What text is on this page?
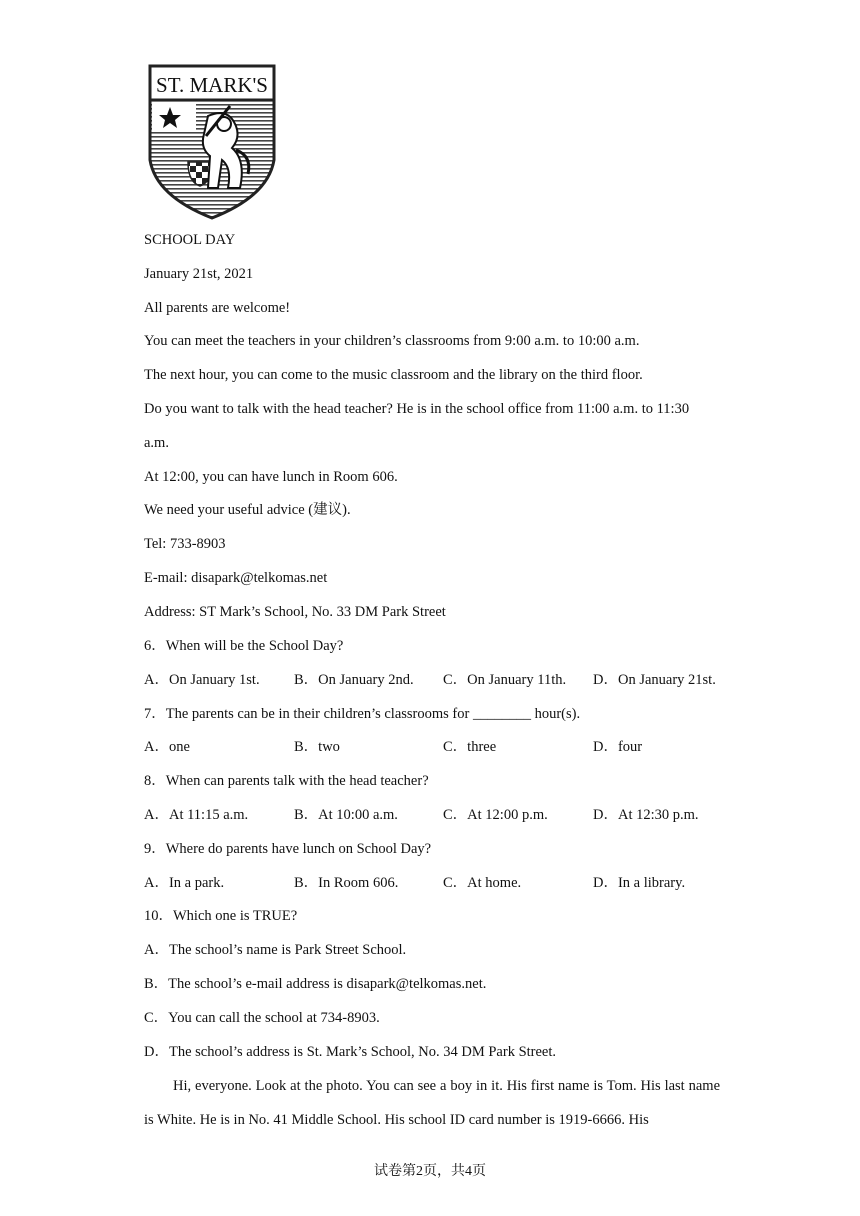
ST. MARK'S
SCHOOL DAY
January 21st, 2021
All parents are welcome!
You can meet the teachers in your children’s classrooms from 9:00 a.m. to 10:00 a.m.
The next hour, you can come to the music classroom and the library on the third floor.
Do you want to talk with the head teacher? He is in the school office from 11:00 a.m. to 11:30
a.m.
At 12:00, you can have lunch in Room 606.
We need your useful advice (建议).
Tel: 733-8903
E-mail: disapark@telkomas.net
Address: ST Mark’s School, No. 33 DM Park Street
6．When will be the School Day?
A．On January 1st. B．On January 2nd. C．On January 11th. D．On January 21st.
7．The parents can be in their children’s classrooms for ________ hour(s).
A．one	B．two	C．three	D．four
8．When can parents talk with the head teacher?
A．At 11:15 a.m.	B．At 10:00 a.m.	C．At 12:00 p.m.	D．At 12:30 p.m.
9．Where do parents have lunch on School Day?
A．In a park.	B．In Room 606.	C．At home.	D．In a library.
10．Which one is TRUE?
A．The school’s name is Park Street School.
B．The school’s e-mail address is disapark@telkomas.net.
C．You can call the school at 734-8903.
D．The school’s address is St. Mark’s School, No. 34 DM Park Street.
Hi, everyone. Look at the photo. You can see a boy in it. His first name is Tom. His last name is White. He is in No. 41 Middle School. His school ID card number is 1919-6666. His
试卷第2页，共4页
